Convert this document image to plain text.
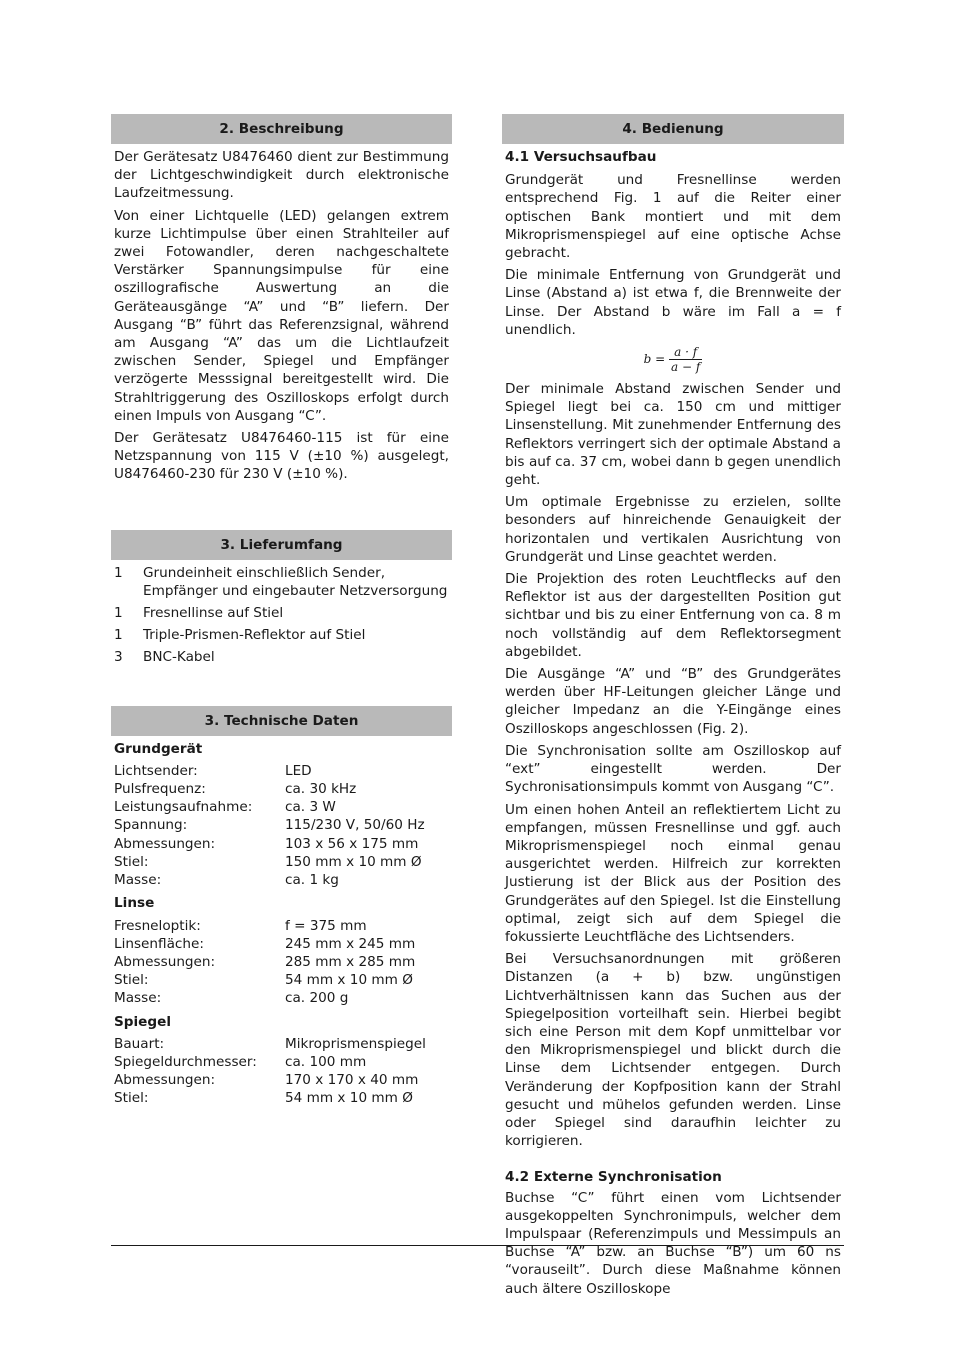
2. Beschreibung

Der Gerätesatz U8476460 dient zur Bestimmung der Lichtgeschwindigkeit durch elektronische Laufzeitmessung.

Von einer Lichtquelle (LED) gelangen extrem kurze Lichtimpulse über einen Strahlteiler auf zwei Fotowandler, deren nachgeschaltete Verstärker Spannungsimpulse für eine oszillografische Auswertung an die Geräteausgänge “A” und “B” liefern. Der Ausgang “B” führt das Referenzsignal, während am Ausgang “A” das um die Lichtlaufzeit zwischen Sender, Spiegel und Empfänger verzögerte Messsignal bereitgestellt wird. Die Strahltriggerung des Oszilloskops erfolgt durch einen Impuls von Ausgang “C”.

Der Gerätesatz U8476460-115 ist für eine Netzspannung von 115 V (±10 %) ausgelegt, U8476460-230 für 230 V (±10 %).

3. Lieferumfang
1	Grundeinheit einschließlich Sender, Empfänger und eingebauter Netzversorgung
1	Fresnellinse auf Stiel
1	Triple-Prismen-Reflektor auf Stiel
3	BNC-Kabel
3. Technische Daten
Grundgerät
Lichtsender:	LED
Pulsfrequenz:	ca. 30 kHz
Leistungsaufnahme:	ca. 3 W
Spannung:	115/230 V, 50/60 Hz
Abmessungen:	103 x 56 x 175 mm
Stiel:	150 mm x 10 mm Ø
Masse:	ca. 1 kg
Linse
Fresneloptik:	f = 375 mm
Linsenfläche:	245 mm x 245 mm
Abmessungen:	285 mm x 285 mm
Stiel:	54 mm x 10 mm Ø
Masse:	ca. 200 g
Spiegel
Bauart:	Mikroprismenspiegel
Spiegeldurchmesser:	ca. 100 mm
Abmessungen:	170 x 170 x 40 mm
Stiel:	54 mm x 10 mm Ø
4. Bedienung
4.1 Versuchsaufbau

Grundgerät und Fresnellinse werden entsprechend Fig. 1 auf die Reiter einer optischen Bank montiert und mit dem Mikroprismenspiegel auf eine optische Achse gebracht.

Die minimale Entfernung von Grundgerät und Linse (Abstand a) ist etwa f, die Brennweite der Linse. Der Abstand b wäre im Fall a = f unendlich.

$b = \frac{a \cdot f}{a - f}$

Der minimale Abstand zwischen Sender und Spiegel liegt bei ca. 150 cm und mittiger Linsenstellung. Mit zunehmender Entfernung des Reflektors verringert sich der optimale Abstand a bis auf ca. 37 cm, wobei dann b gegen unendlich geht.

Um optimale Ergebnisse zu erzielen, sollte besonders auf hinreichende Genauigkeit der horizontalen und vertikalen Ausrichtung von Grundgerät und Linse geachtet werden.

Die Projektion des roten Leuchtflecks auf den Reflektor ist aus der dargestellten Position gut sichtbar und bis zu einer Entfernung von ca. 8 m noch vollständig auf dem Reflektorsegment abgebildet.

Die Ausgänge “A” und “B” des Grundgerätes werden über HF-Leitungen gleicher Länge und gleicher Impedanz an die Y-Eingänge eines Oszilloskops angeschlossen (Fig. 2).

Die Synchronisation sollte am Oszilloskop auf “ext” eingestellt werden. Der Sychronisationsimpuls kommt von Ausgang “C”.

Um einen hohen Anteil an reflektiertem Licht zu empfangen, müssen Fresnellinse und ggf. auch Mikroprismenspiegel noch einmal genau ausgerichtet werden. Hilfreich zur korrekten Justierung ist der Blick aus der Position des Grundgerätes auf den Spiegel. Ist die Einstellung optimal, zeigt sich auf dem Spiegel die fokussierte Leuchtfläche des Lichtsenders.

Bei Versuchsanordnungen mit größeren Distanzen (a + b) bzw. ungünstigen Lichtverhältnissen kann das Suchen aus der Spiegelposition vorteilhaft sein. Hierbei begibt sich eine Person mit dem Kopf unmittelbar vor den Mikroprismenspiegel und blickt durch die Linse dem Lichtsender entgegen. Durch Veränderung der Kopfposition kann der Strahl gesucht und mühelos gefunden werden. Linse oder Spiegel sind daraufhin leichter zu korrigieren.

4.2 Externe Synchronisation

Buchse “C” führt einen vom Lichtsender ausgekoppelten Synchronimpuls, welcher dem Impulspaar (Referenzimpuls und Messimpuls an Buchse “A” bzw. an Buchse “B”) um 60 ns “vorauseilt”. Durch diese Maßnahme können auch ältere Oszilloskope
